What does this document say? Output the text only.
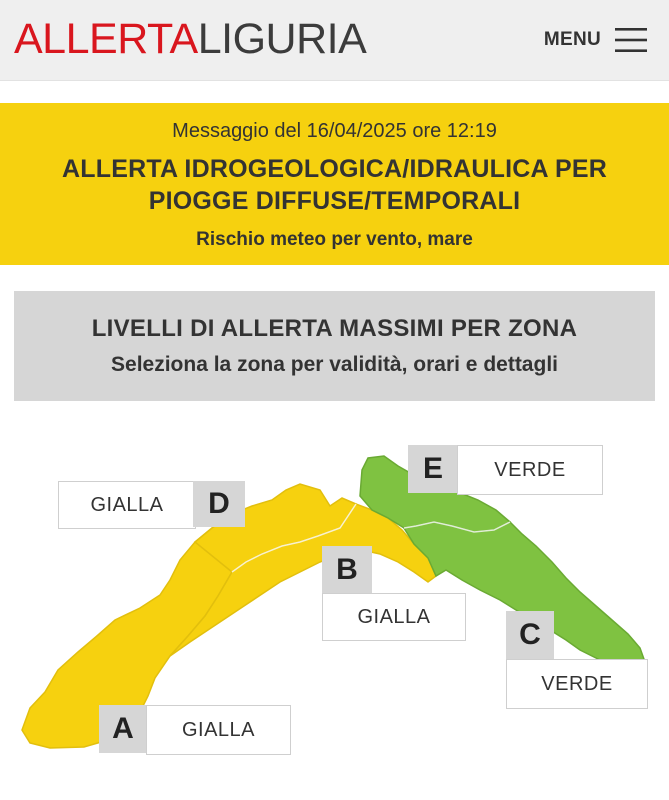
ALLERTALIGURIA	MENU
Messaggio del 16/04/2025 ore 12:19
ALLERTA IDROGEOLOGICA/IDRAULICA PER PIOGGE DIFFUSE/TEMPORALI
Rischio meteo per vento, mare
LIVELLI DI ALLERTA MASSIMI PER ZONA
Seleziona la zona per validità, orari e dettagli
GIALLA	D
E	VERDE
B
GIALLA
C
VERDE
A	GIALLA
